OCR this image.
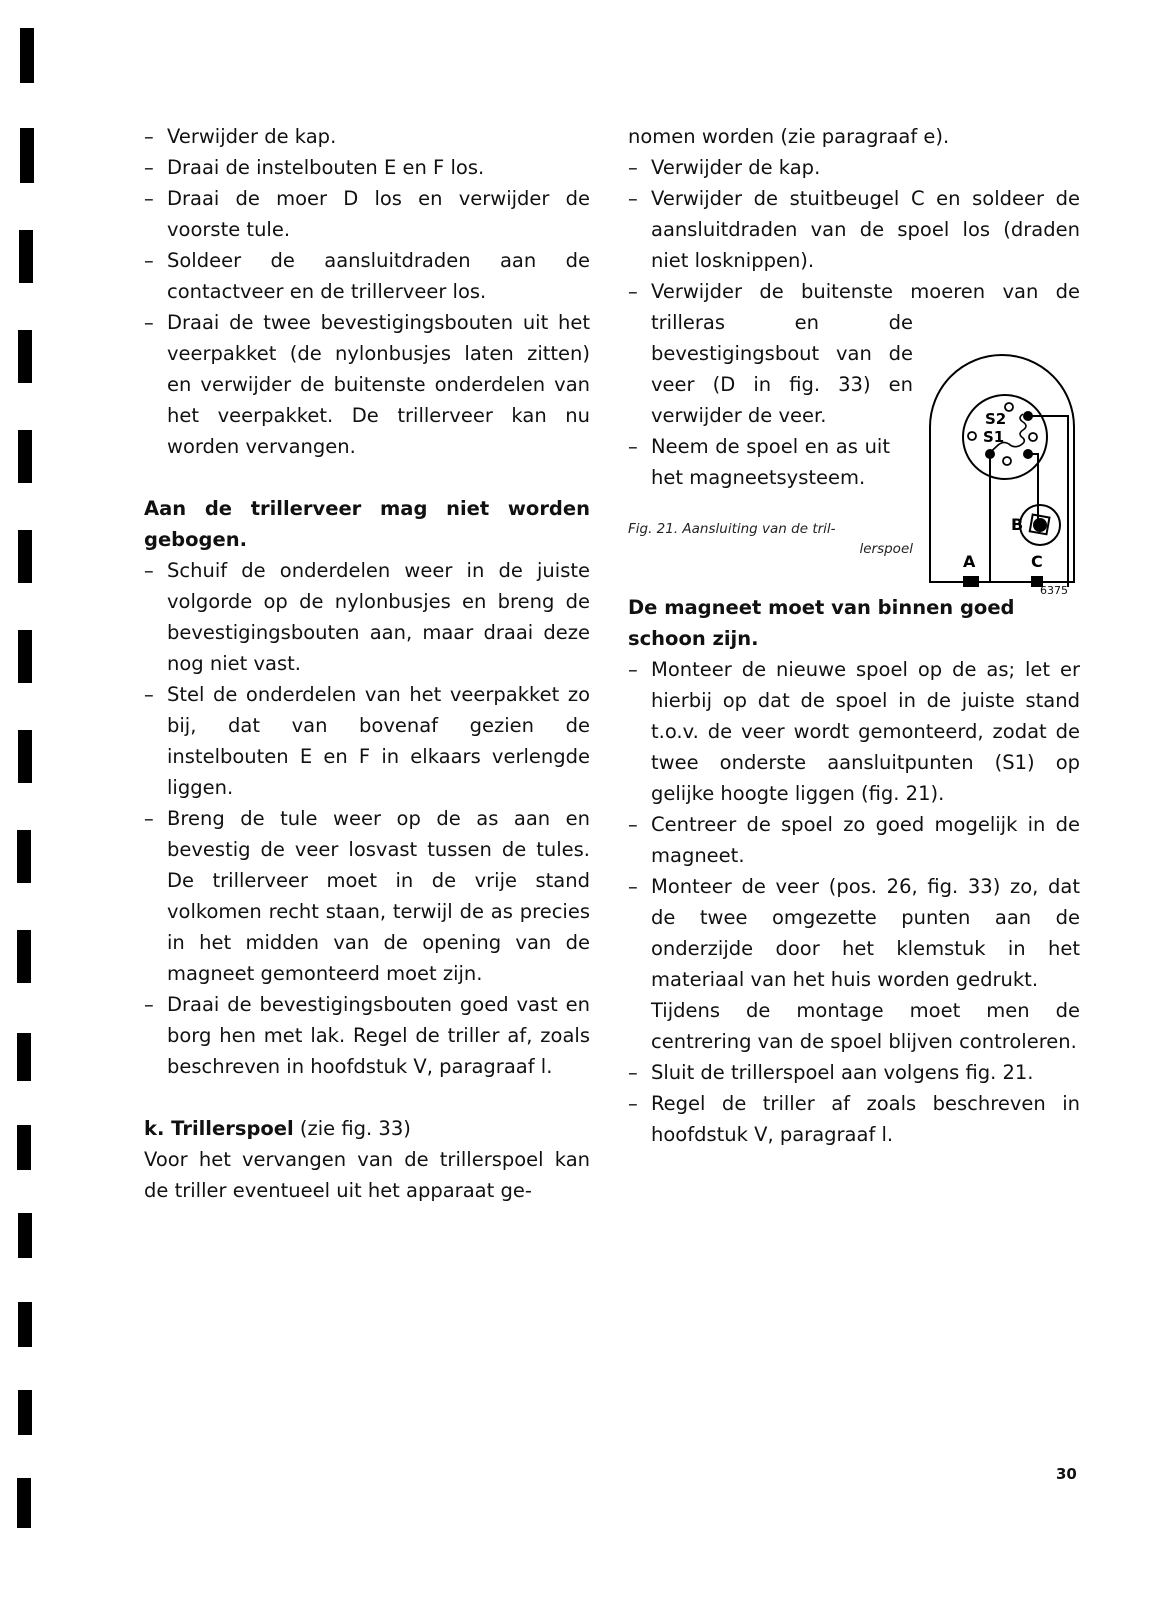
– Verwijder de kap.
– Draai de instelbouten E en F los.
– Draai de moer D los en verwijder de voorste tule.
– Soldeer de aansluitdraden aan de contactveer en de trillerveer los.
– Draai de twee bevestigingsbouten uit het veerpakket (de nylonbusjes laten zitten) en verwijder de buitenste onderdelen van het veerpakket. De trillerveer kan nu worden vervangen.
Aan de trillerveer mag niet worden gebogen.
– Schuif de onderdelen weer in de juiste volgorde op de nylonbusjes en breng de bevestigingsbouten aan, maar draai deze nog niet vast.
– Stel de onderdelen van het veerpakket zo bij, dat van bovenaf gezien de instelbouten E en F in elkaars verlengde liggen.
– Breng de tule weer op de as aan en bevestig de veer losvast tussen de tules. De trillerveer moet in de vrije stand volkomen recht staan, terwijl de as precies in het midden van de opening van de magneet gemonteerd moet zijn.
– Draai de bevestigingsbouten goed vast en borg hen met lak. Regel de triller af, zoals beschreven in hoofdstuk V, paragraaf l.
k. Trillerspoel (zie fig. 33)
Voor het vervangen van de trillerspoel kan de triller eventueel uit het apparaat ge-
nomen worden (zie paragraaf e).
– Verwijder de kap.
– Verwijder de stuitbeugel C en soldeer de aansluitdraden van de spoel los (draden niet losknippen).
– Verwijder de buitenste moeren van de
trilleras en de bevestigingsbout van de veer (D in fig. 33) en verwijder de veer.
– Neem de spoel en as uit het magneetsysteem.
Fig. 21. Aansluiting van de tril-
lerspoel
De magneet moet van binnen goed schoon zijn.
– Monteer de nieuwe spoel op de as; let er hierbij op dat de spoel in de juiste stand t.o.v. de veer wordt gemonteerd, zodat de twee onderste aansluitpunten (S1) op gelijke hoogte liggen (fig. 21).
– Centreer de spoel zo goed mogelijk in de magneet.
– Monteer de veer (pos. 26, fig. 33) zo, dat de twee omgezette punten aan de onderzijde door het klemstuk in het materiaal van het huis worden gedrukt.
Tijdens de montage moet men de centrering van de spoel blijven controleren.
– Sluit de trillerspoel aan volgens fig. 21.
– Regel de triller af zoals beschreven in hoofdstuk V, paragraaf l.
S2
S1
B
A	C
6375
30
